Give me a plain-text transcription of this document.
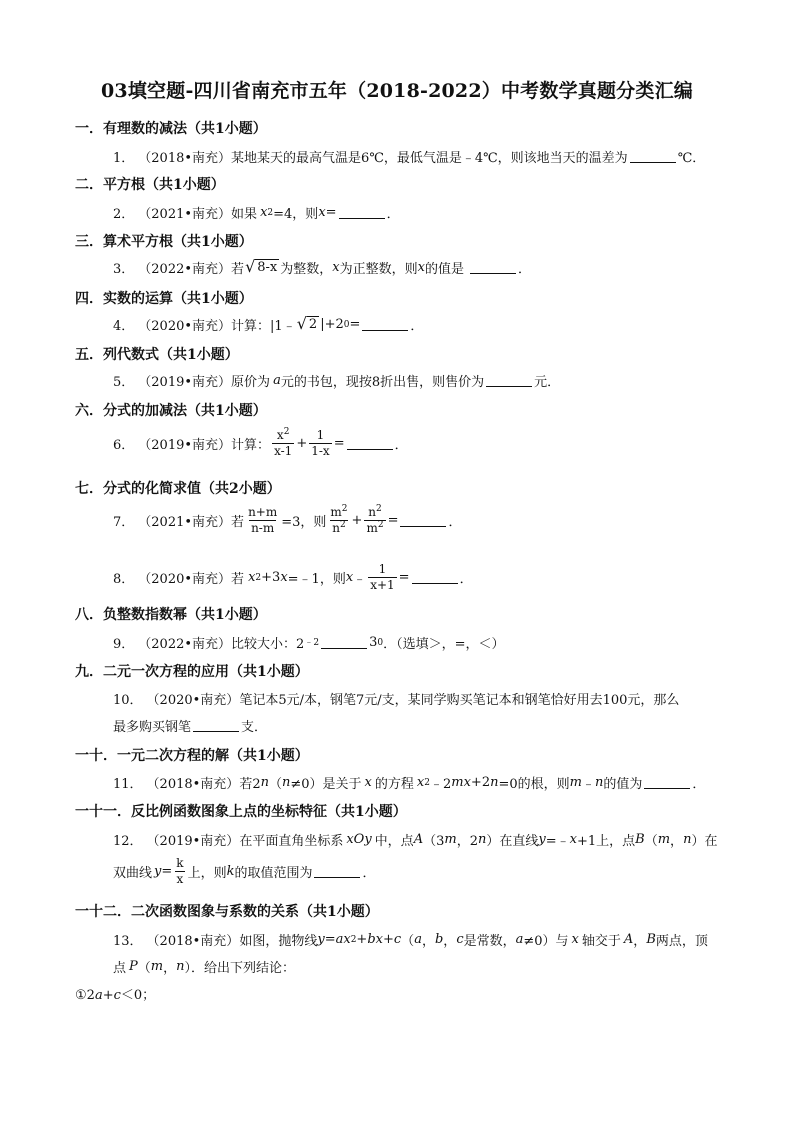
03填空题-四川省南充市五年（2018-2022）中考数学真题分类汇编
一．有理数的减法（共1小题）
1． （2018•南充） 某地某天的最高气温是6℃，最低气温是﹣4℃，则该地当天的温差为	℃．
二．平方根（共1小题）
2． （2021•南充） 如果 x 2 =4，则 x =	．
三．算术平方根（共1小题）
3． （2022•南充） 若 √ 8-x 为整数， x 为正整数，则 x 的值是	．
四．实数的运算（共1小题）
4． （2020•南充） 计算：|1﹣ √ 2 |+2 0 =	．
五．列代数式（共1小题）
5． （2019•南充） 原价为 a 元的书包，现按8折出售，则售价为	元．
六．分式的加减法（共1小题）
6． （2019•南充） 计算： $\frac{x^2}{x-1} + \frac{1}{1-x}$ =	．
七．分式的化简求值（共2小题）
7． （2021•南充） 若 $\frac{n+m}{n-m} =3$，则 $\frac{m^2}{n^2} + \frac{n^2}{m^2}$ =	．
8． （2020•南充） 若 x 2 +3 x =﹣1，则 x ﹣ $\frac{1}{x+1}$ =	．
八．负整数指数幂（共1小题）
9． （2022•南充） 比较大小：2 ﹣2	3 0 ．（选填＞，=，＜）
九．二元一次方程的应用（共1小题）
10． （2020•南充） 笔记本5元/本，钢笔7元/支，某同学购买笔记本和钢笔恰好用去100元，那么
最多购买钢笔	支．
一十．一元二次方程的解（共1小题）
11． （2018•南充） 若2 n （ n ≠0）是关于 x 的方程 x 2 ﹣2 m x +2 n =0的根，则 m ﹣ n 的值为	．
一十一．反比例函数图象上点的坐标特征（共1小题）
12． （2019•南充） 在平面直角坐标系 xOy 中，点 A （3 m ，2 n ）在直线 y =﹣ x +1上，点 B （ m ， n ）在
双曲线 $y = \frac{k}{x}$ 上，则 k 的取值范围为	．
一十二．二次函数图象与系数的关系（共1小题）
13． （2018•南充） 如图，抛物线 y = ax 2 + bx + c （ a ， b ， c 是常数， a ≠0）与 x 轴交于 A ， B 两点，顶
点 P （ m ， n ）．给出下列结论：
①2a+c＜0；
